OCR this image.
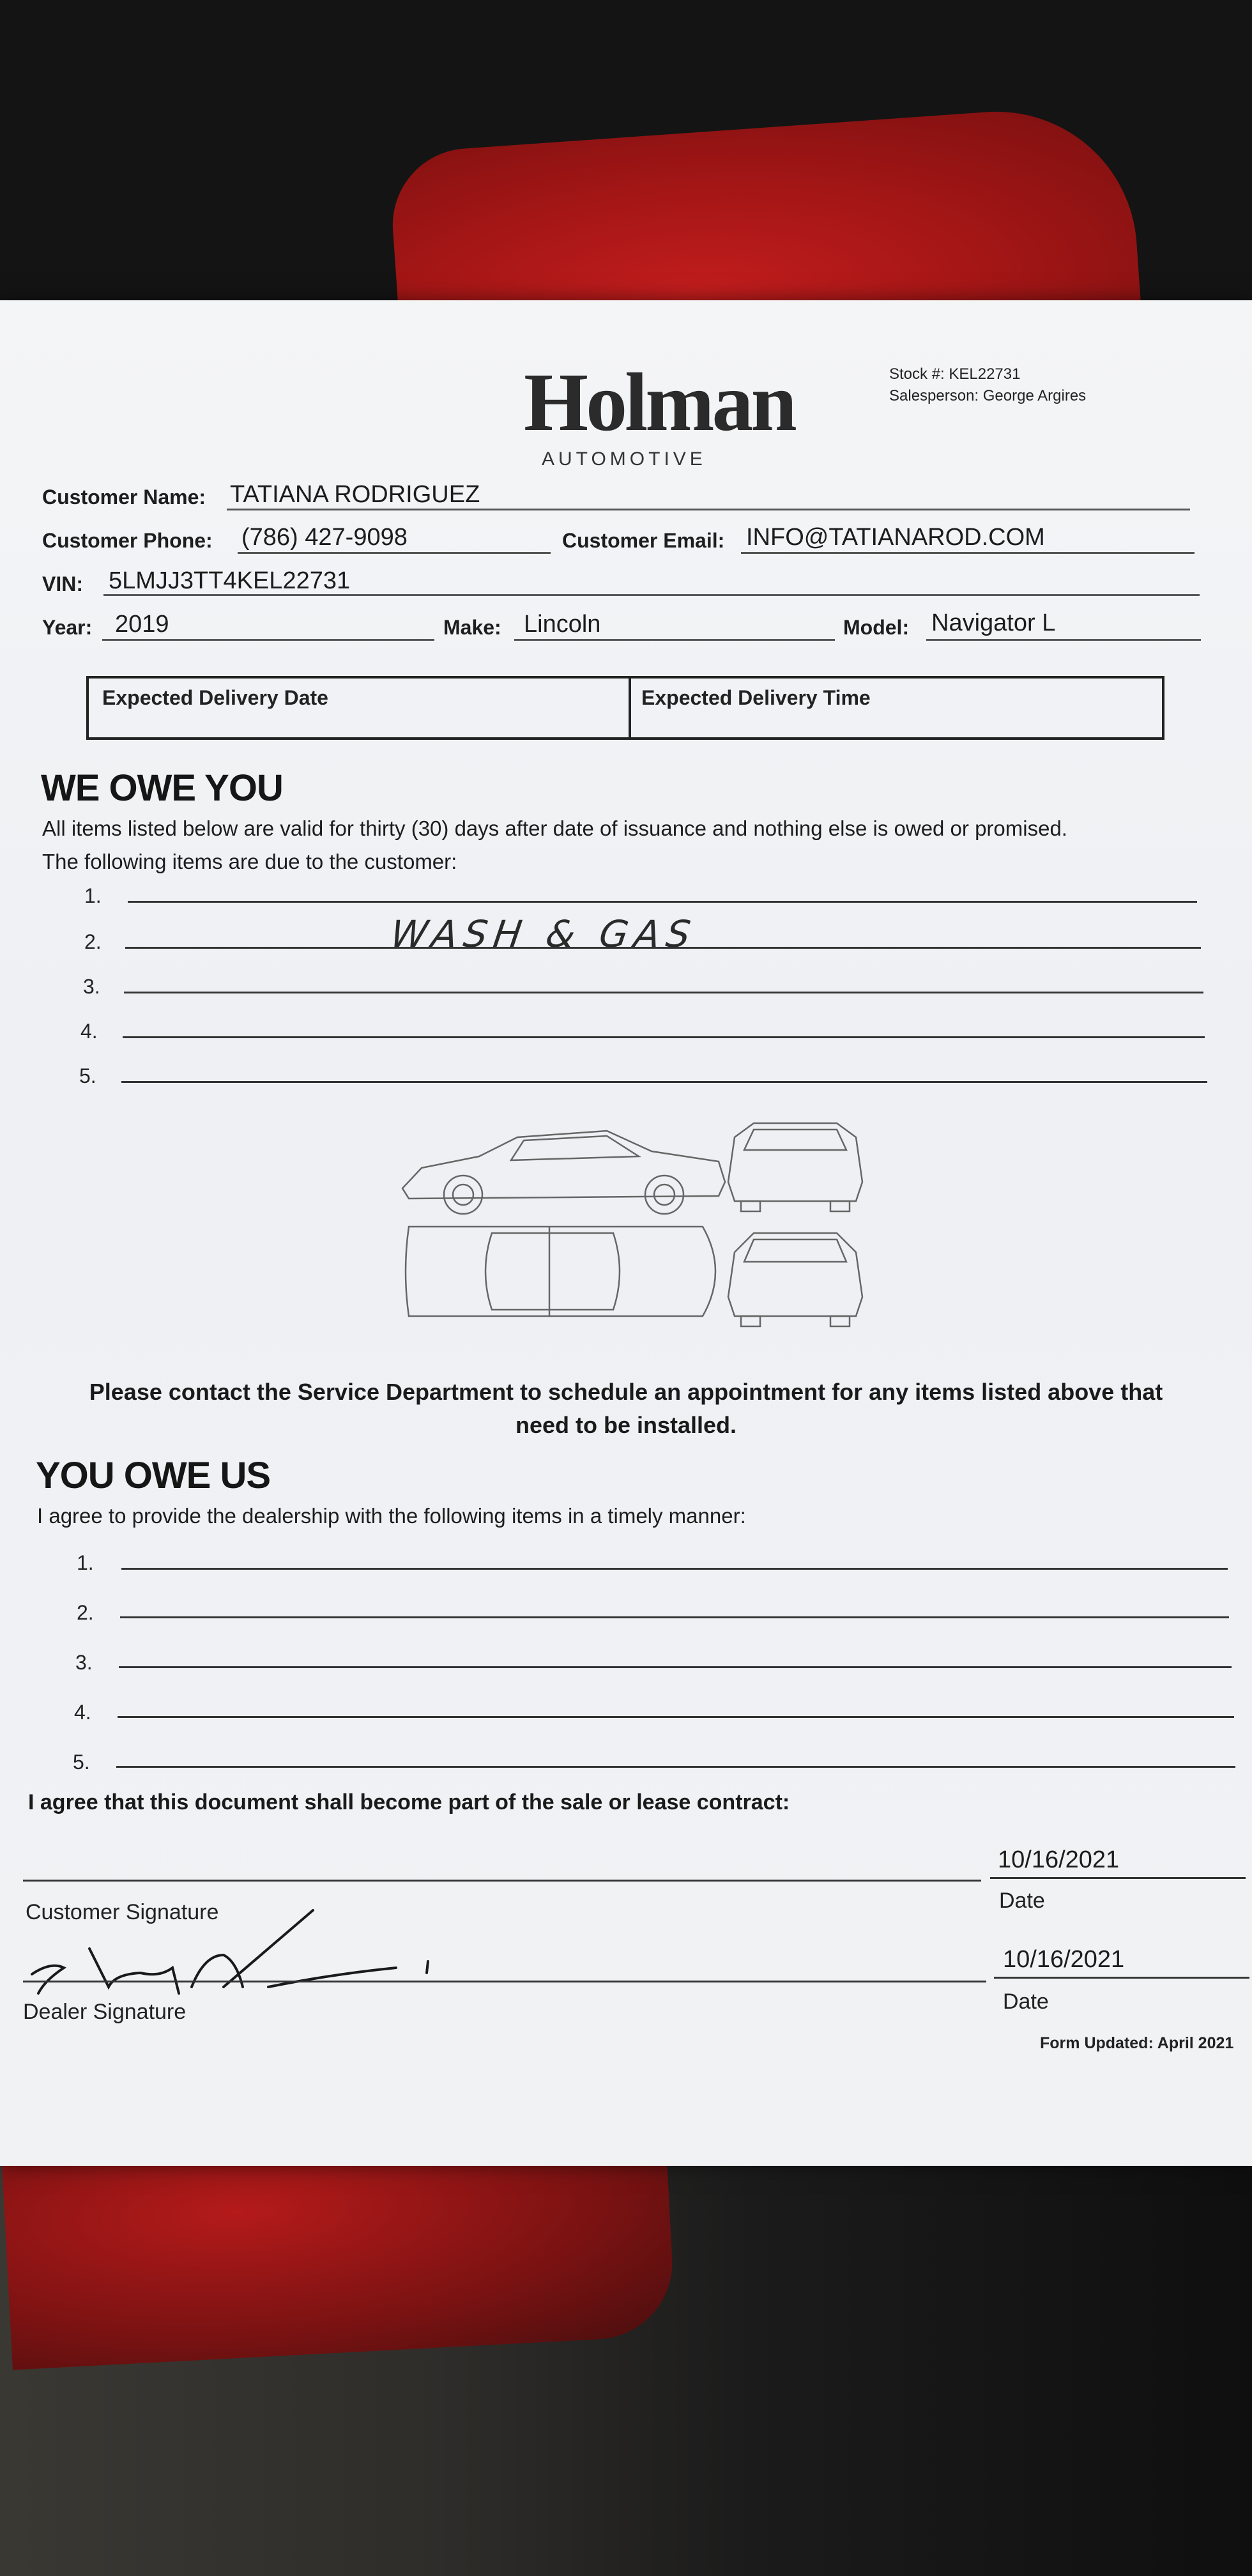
Holman
AUTOMOTIVE
Stock #: KEL22731
Salesperson: George Argires
Customer Name: TATIANA RODRIGUEZ
Customer Phone: (786) 427-9098	Customer Email: INFO@TATIANAROD.COM
VIN: 5LMJJ3TT4KEL22731
Year: 2019	Make: Lincoln	Model: Navigator L
Expected Delivery Date	Expected Delivery Time
WE OWE YOU
All items listed below are valid for thirty (30) days after date of issuance and nothing else is owed or promised.
The following items are due to the customer:
1.
2.	WASH & GAS
3.
4.
5.
Please contact the Service Department to schedule an appointment for any items listed above that
need to be installed.
YOU OWE US
I agree to provide the dealership with the following items in a timely manner:
1.
2.
3.
4.
5.
I agree that this document shall become part of the sale or lease contract:
Customer Signature
10/16/2021
Date
Dealer Signature
10/16/2021
Date
Form Updated: April 2021
